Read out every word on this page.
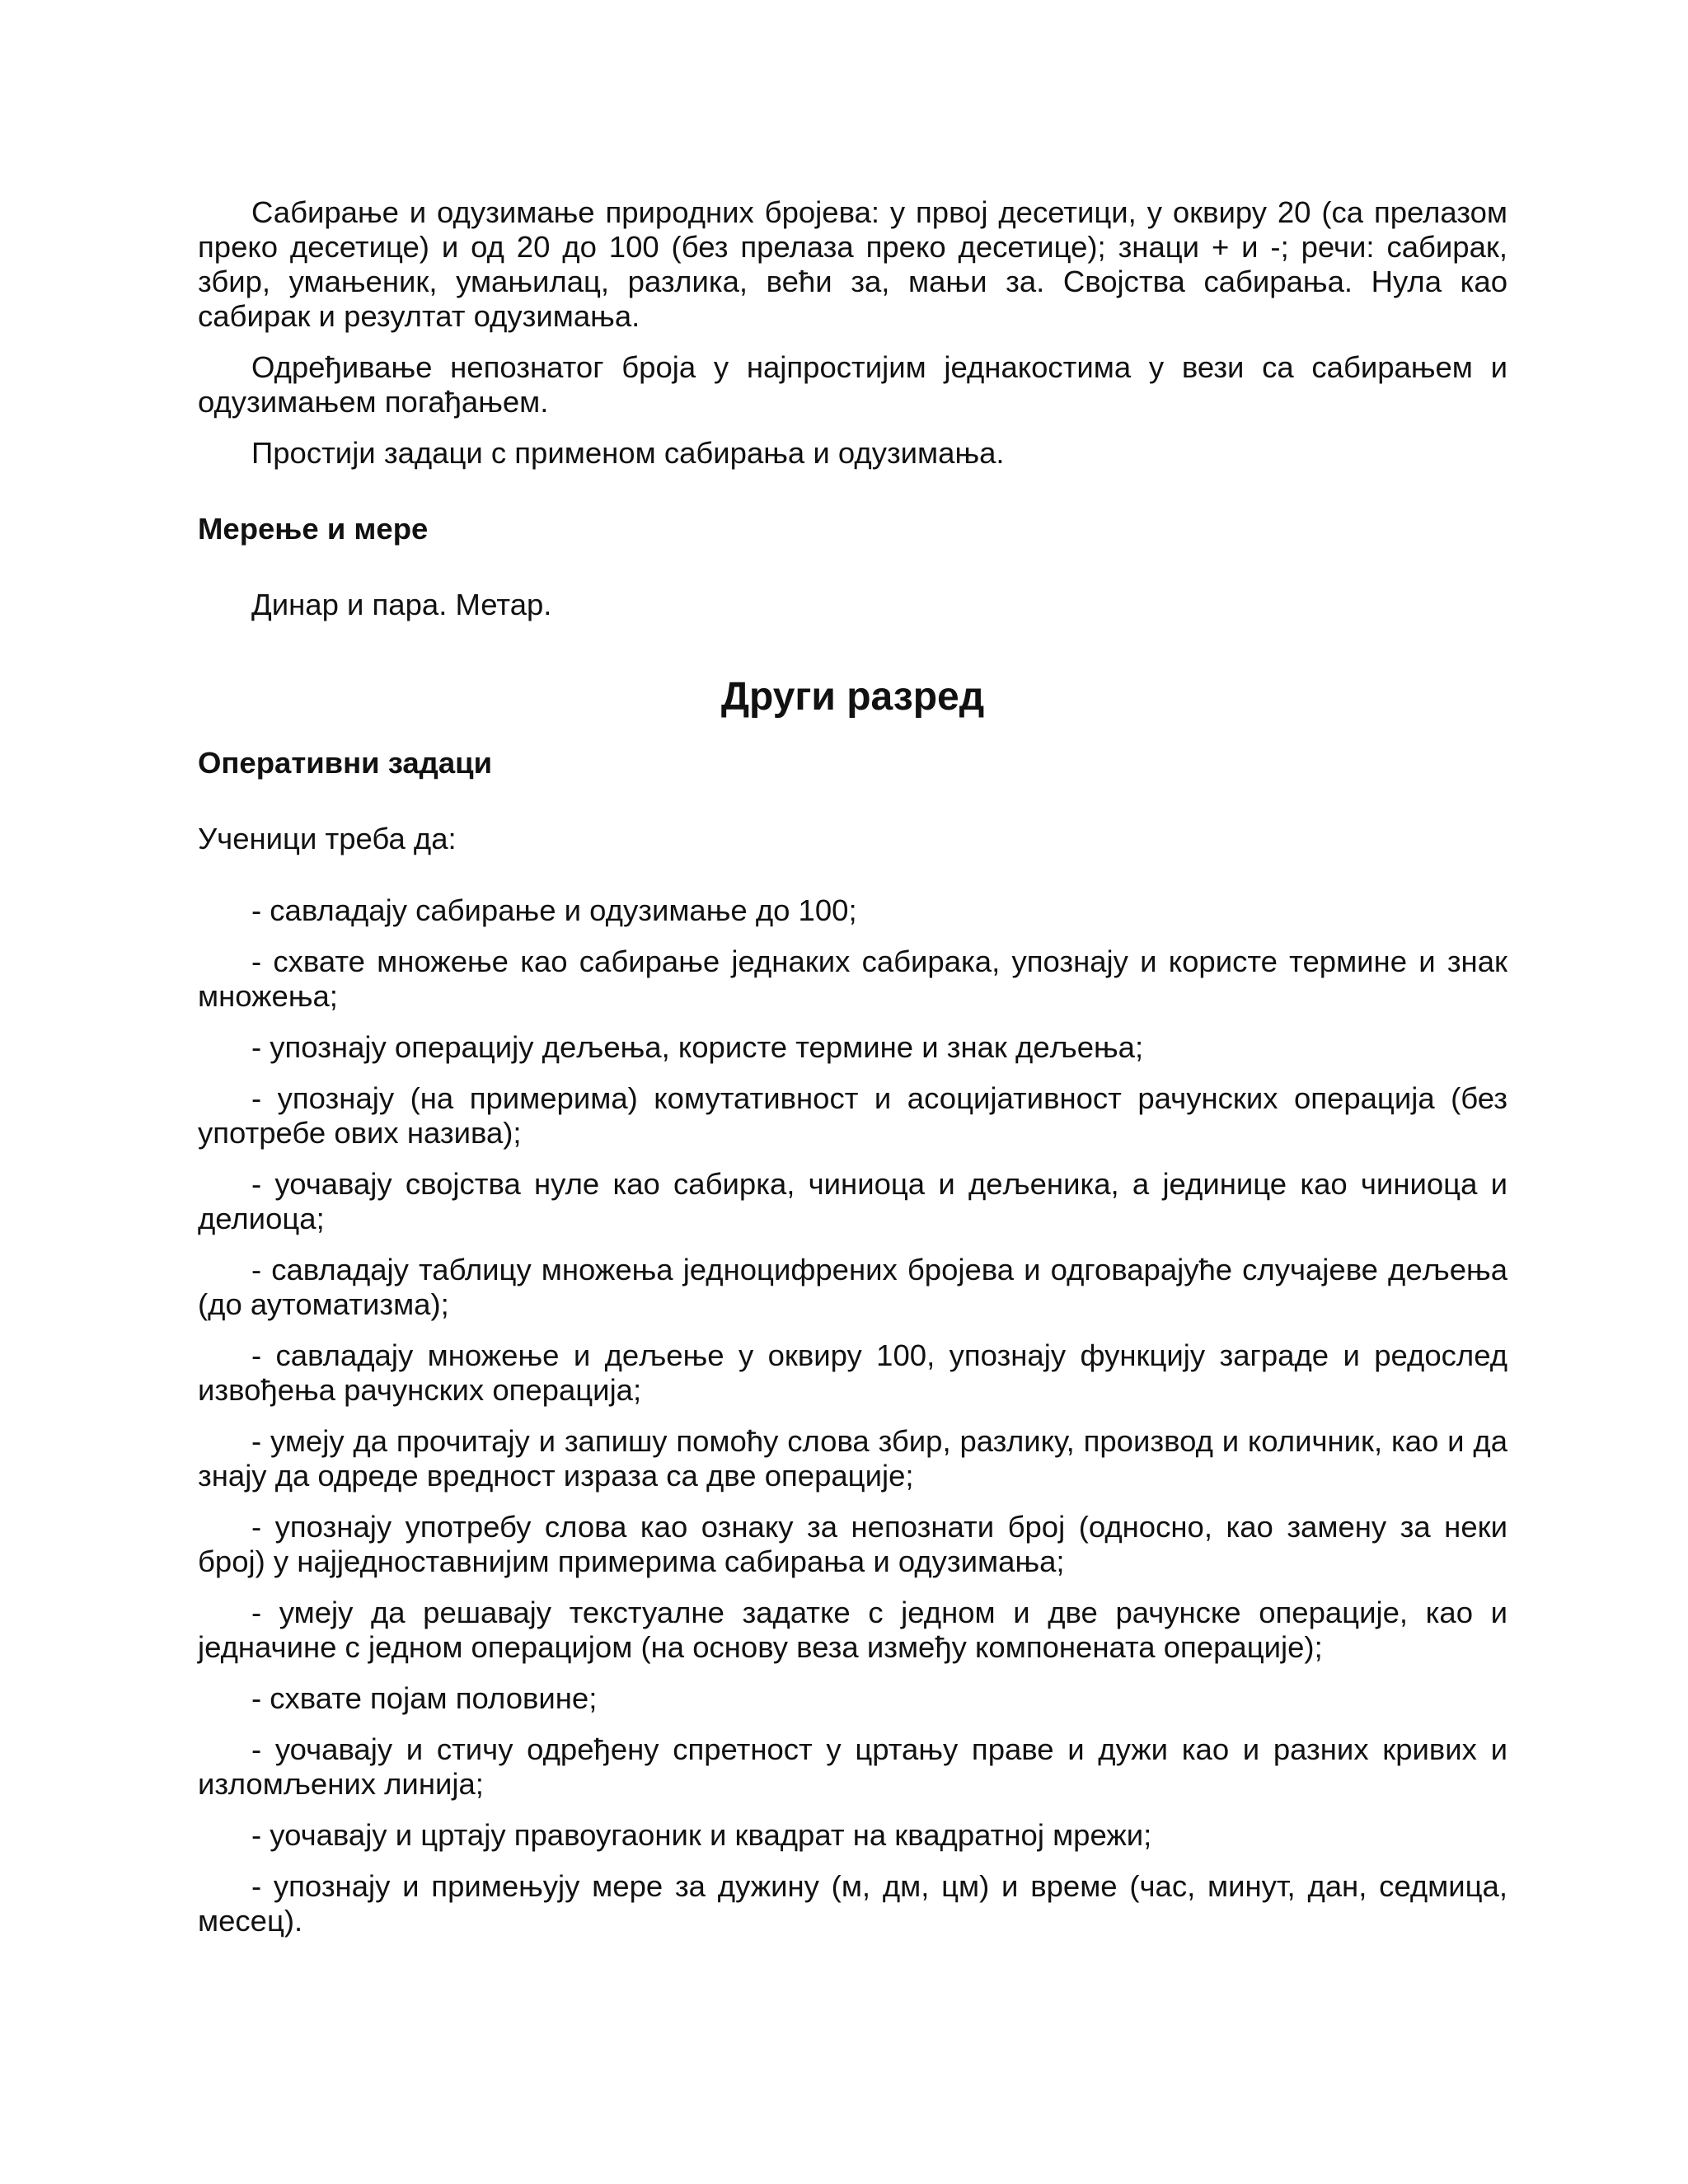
Сабирање и одузимање природних бројева: у првој десетици, у оквиру 20 (са прелазом преко десетице) и од 20 до 100 (без прелаза преко десетице); знаци + и -; речи: сабирак, збир, умањеник, умањилац, разлика, већи за, мањи за. Својства сабирања. Нула као сабирак и резултат одузимања.

Одређивање непознатог броја у најпростијим једнакостима у вези са сабирањем и одузимањем погађањем.

Простији задаци с применом сабирања и одузимања.

Мерење и мере

Динар и пара. Метар.

Други разред
Оперативни задаци

Ученици треба да:

- савладају сабирање и одузимање до 100;

- схвате множење као сабирање једнаких сабирака, упознају и користе термине и знак множења;

- упознају операцију дељења, користе термине и знак дељења;

- упознају (на примерима) комутативност и асоцијативност рачунских операција (без употребе ових назива);

- уочавају својства нуле као сабирка, чиниоца и дељеника, а јединице као чиниоца и делиоца;

- савладају таблицу множења једноцифрених бројева и одговарајуће случајеве дељења (до аутоматизма);

- савладају множење и дељење у оквиру 100, упознају функцију заграде и редослед извођења рачунских операција;

- умеју да прочитају и запишу помоћу слова збир, разлику, производ и количник, као и да знају да одреде вредност израза са две операције;

- упознају употребу слова као ознаку за непознати број (односно, као замену за неки број) у најједноставнијим примерима сабирања и одузимања;

- умеју да решавају текстуалне задатке с једном и две рачунске операције, као и једначине с једном операцијом (на основу веза између компонената операције);

- схвате појам половине;

- уочавају и стичу одређену спретност у цртању праве и дужи као и разних кривих и изломљених линија;

- уочавају и цртају правоугаоник и квадрат на квадратној мрежи;

- упознају и примењују мере за дужину (м, дм, цм) и време (час, минут, дан, седмица, месец).
